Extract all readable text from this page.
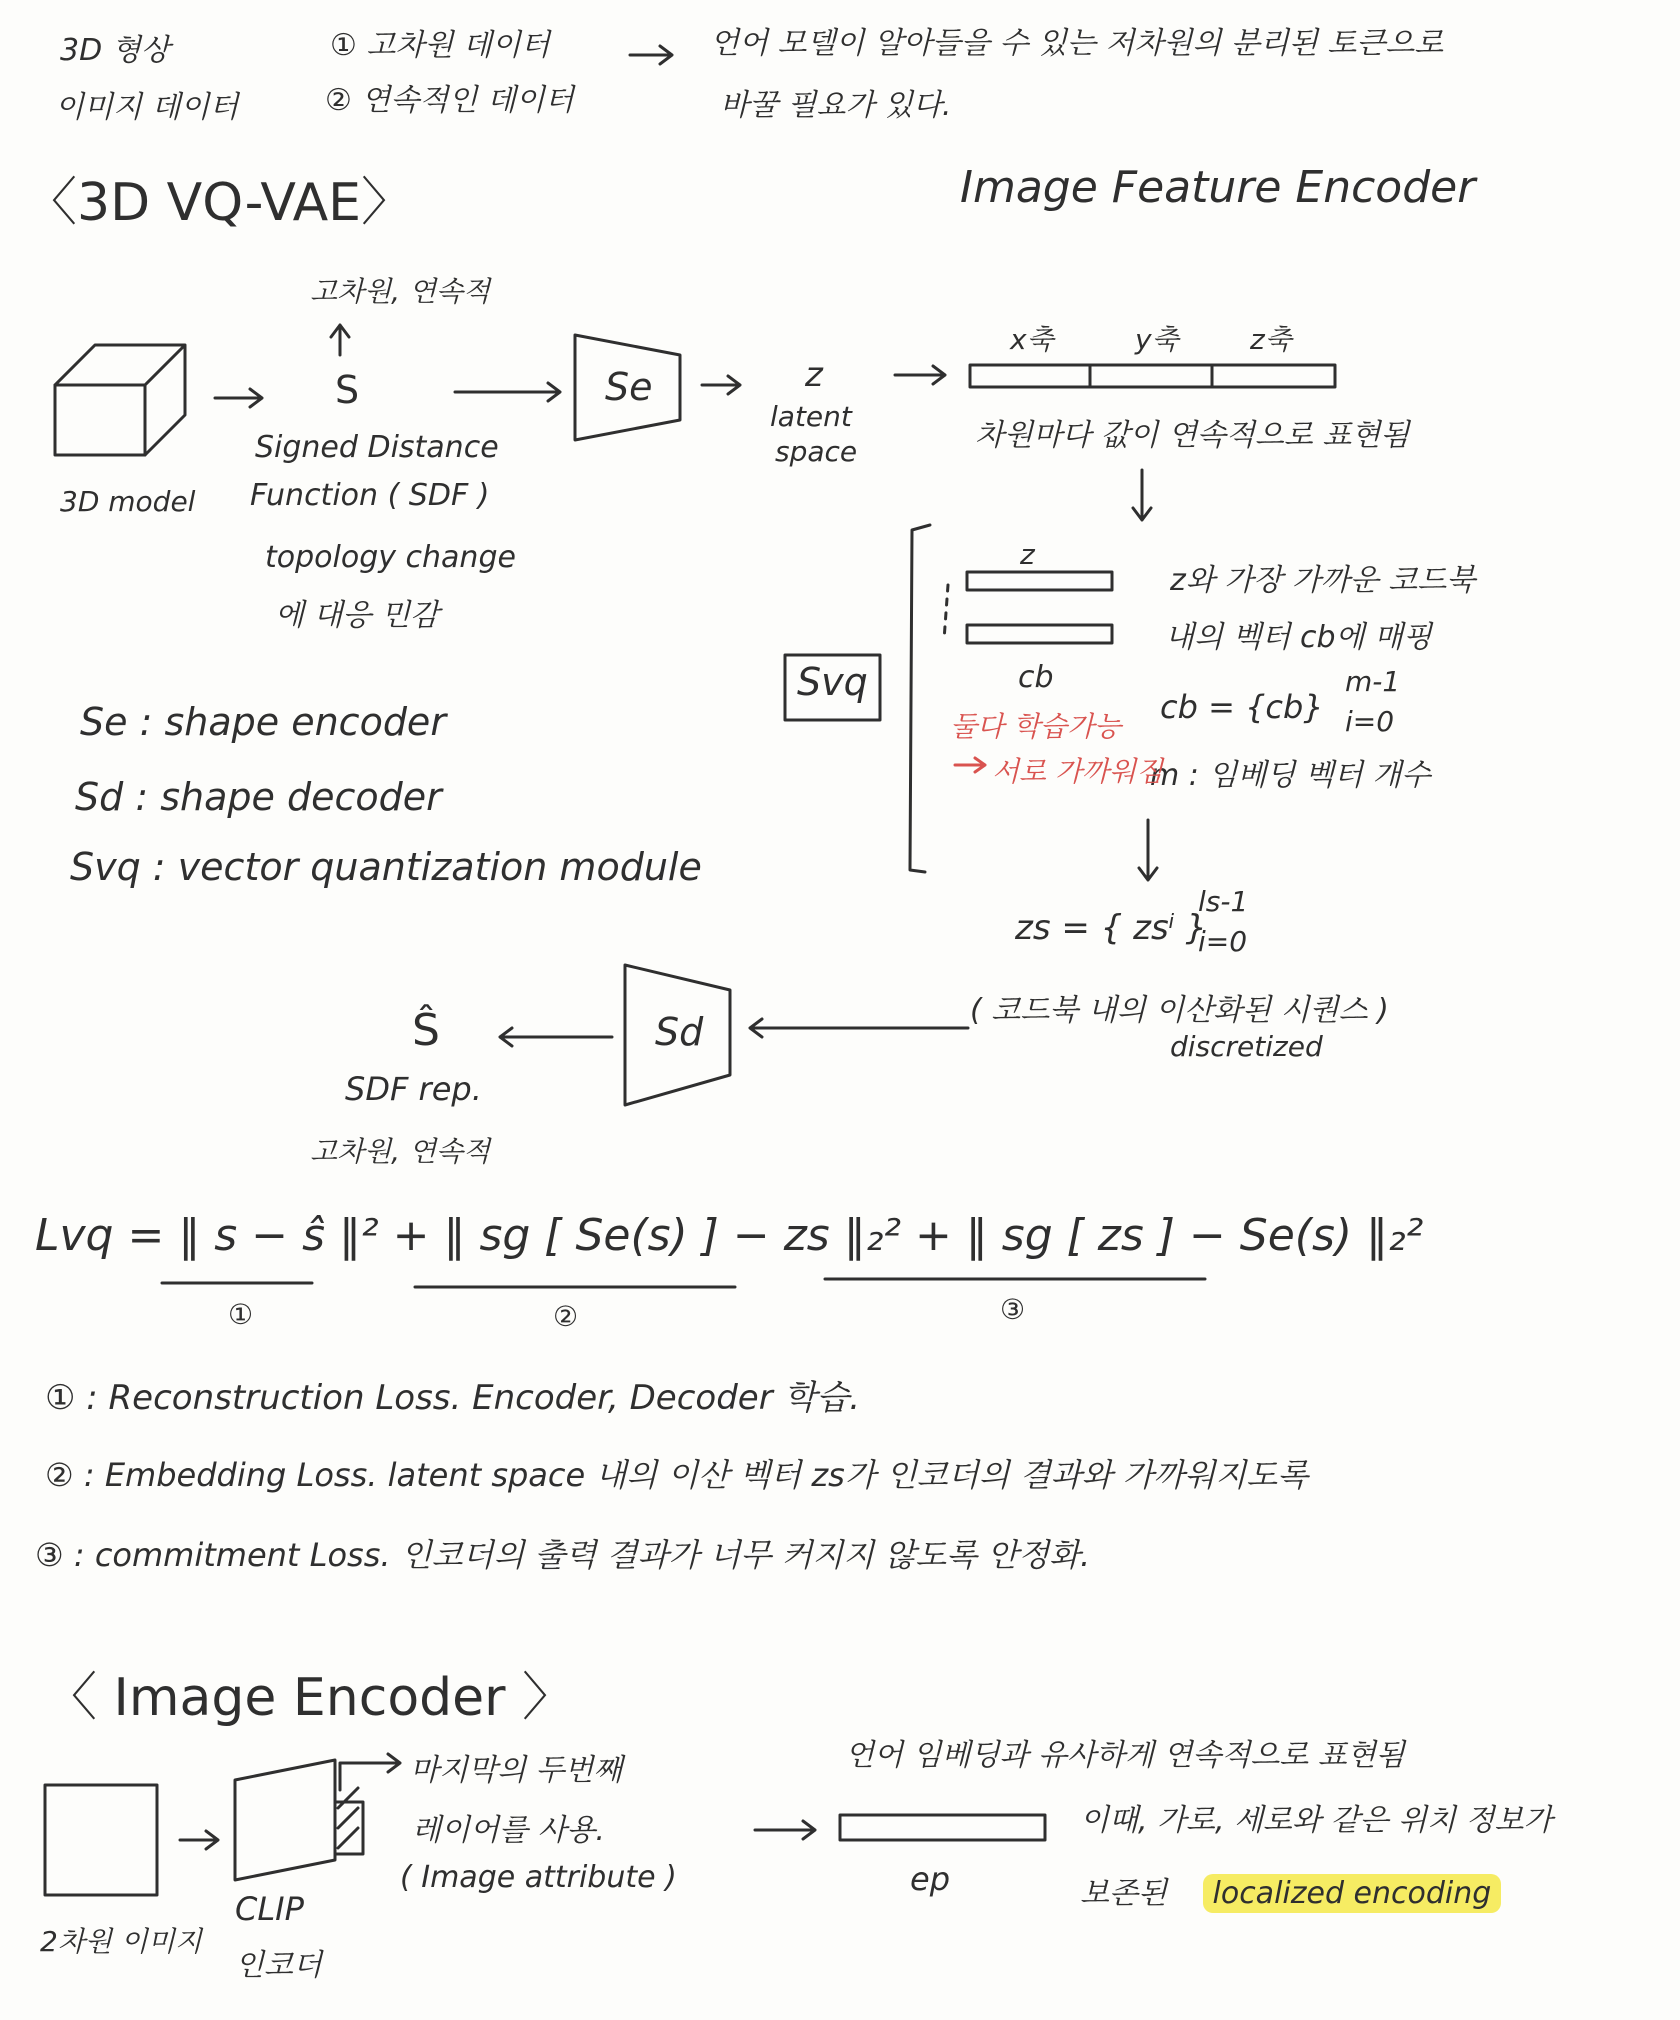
3D 형상
이미지 데이터
① 고차원 데이터
② 연속적인 데이터
언어 모델이 알아들을 수 있는 저차원의 분리된 토큰으로
바꿀 필요가 있다.
〈3D VQ-VAE〉	Image Feature Encoder
고차원, 연속적
3D model
S
Signed Distance
Function ( SDF )
topology change
에 대응 민감
Se	z
latent
space
x축	y축	z축
차원마다 값이 연속적으로 표현됨
Svq
z
cb
z와 가장 가까운 코드북
내의 벡터 cb에 매핑
cb = {cb}
m-1
i=0
m : 임베딩 벡터 개수
둘다 학습가능
서로 가까워짐
zs = { zsⁱ }
ls-1
i=0
( 코드북 내의 이산화된 시퀀스 )
discretized
Sd
Ŝ
SDF rep.
고차원, 연속적
Se : shape encoder
Sd : shape decoder
Svq : vector quantization module
Lvq = ‖ s − ŝ ‖² + ‖ sg [ Se(s) ] − zs ‖₂² + ‖ sg [ zs ] − Se(s) ‖₂²
①	②	③
① : Reconstruction Loss. Encoder, Decoder 학습.
② : Embedding Loss. latent space 내의 이산 벡터 zs가 인코더의 결과와 가까워지도록
③ : commitment Loss. 인코더의 출력 결과가 너무 커지지 않도록 안정화.
〈 Image Encoder 〉
2차원 이미지
CLIP
인코더
마지막의 두번째
레이어를 사용.
( Image attribute )	ep
언어 임베딩과 유사하게 연속적으로 표현됨
이때, 가로, 세로와 같은 위치 정보가
보존된 localized encoding
